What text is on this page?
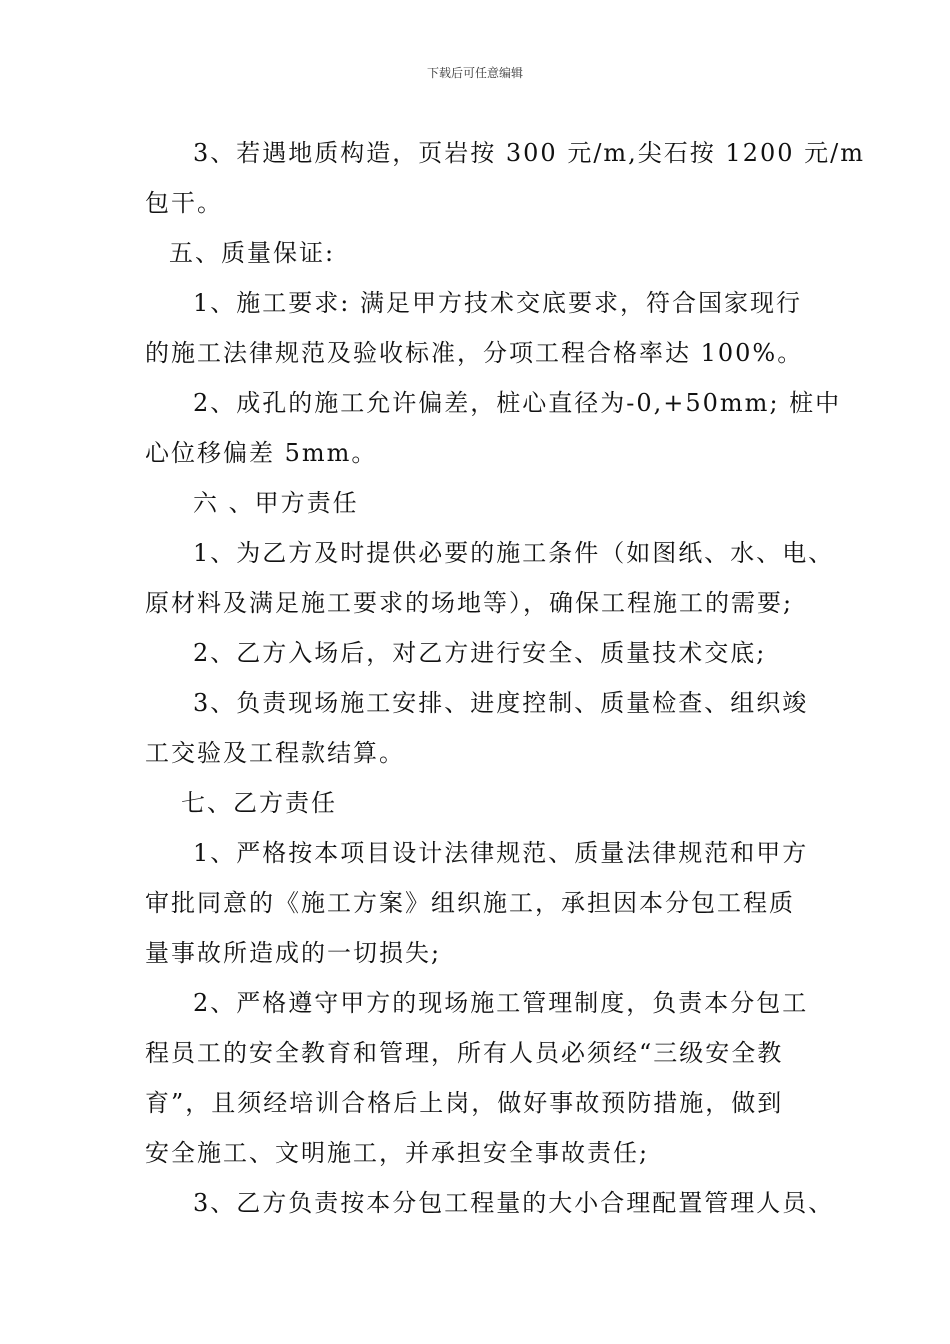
下载后可任意编辑
3、若遇地质构造，页岩按 300 元/m,尖石按 1200 元/m
包干。
五、质量保证:
1、施工要求: 满足甲方技术交底要求，符合国家现行
的施工法律规范及验收标准，分项工程合格率达 100%。
2、成孔的施工允许偏差，桩心直径为-0,+50mm; 桩中
心位移偏差 5mm。
六 、甲方责任
1、为乙方及时提供必要的施工条件（如图纸、水、电、
原材料及满足施工要求的场地等），确保工程施工的需要;
2、乙方入场后，对乙方进行安全、质量技术交底;
3、负责现场施工安排、进度控制、质量检查、组织竣
工交验及工程款结算。
七、乙方责任
1、严格按本项目设计法律规范、质量法律规范和甲方
审批同意的《施工方案》组织施工，承担因本分包工程质
量事故所造成的一切损失;
2、严格遵守甲方的现场施工管理制度，负责本分包工
程员工的安全教育和管理，所有人员必须经“三级安全教
育”，且须经培训合格后上岗，做好事故预防措施，做到
安全施工、文明施工，并承担安全事故责任;
3、乙方负责按本分包工程量的大小合理配置管理人员、
